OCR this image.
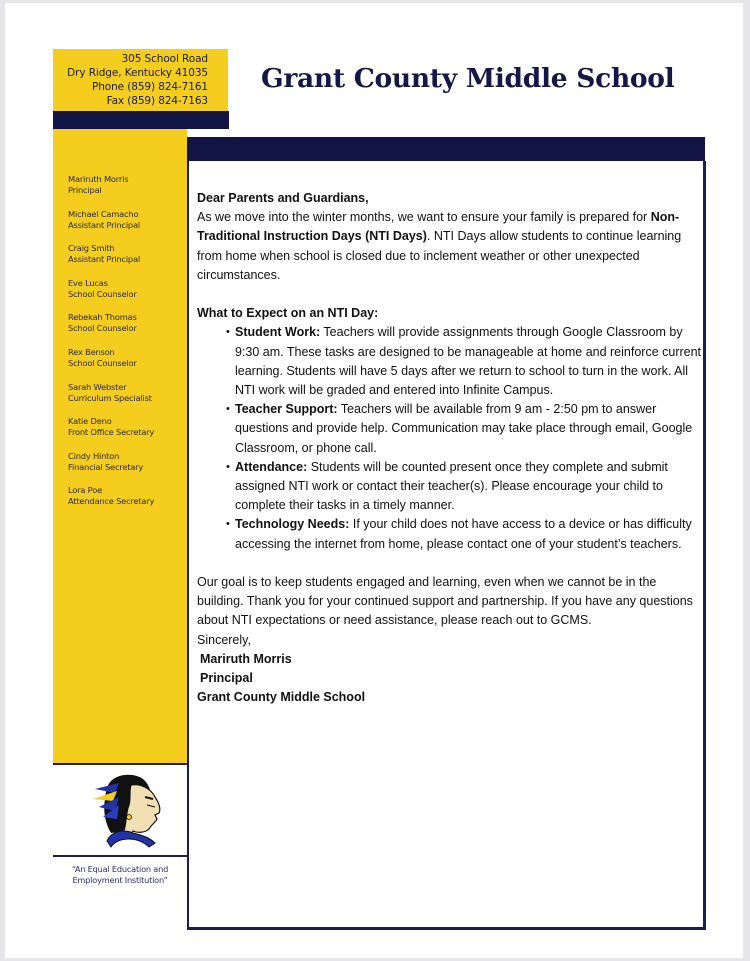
305 School Road
Dry Ridge, Kentucky 41035
Phone (859) 824-7161
Fax (859) 824-7163
Mariruth Morris
Principal
Michael Camacho
Assistant Principal
Craig Smith
Assistant Principal
Eve Lucas
School Counselor
Rebekah Thomas
School Counselor
Rex Benson
School Counselor
Sarah Webster
Curriculum Specialist
Katie Deno
Front Office Secretary
Cindy Hinton
Financial Secretary
Lora Poe
Attendance Secretary
“An Equal Education and
Employment Institution”
Grant County Middle School

Dear Parents and Guardians,

As we move into the winter months, we want to ensure your family is prepared for Non-Traditional Instruction Days (NTI Days). NTI Days allow students to continue learning from home when school is closed due to inclement weather or other unexpected circumstances.

What to Expect on an NTI Day:

• Student Work: Teachers will provide assignments through Google Classroom by 9:30 am. These tasks are designed to be manageable at home and reinforce current learning. Students will have 5 days after we return to school to turn in the work. All NTI work will be graded and entered into Infinite Campus.
• Teacher Support: Teachers will be available from 9 am - 2:50 pm to answer questions and provide help. Communication may take place through email, Google Classroom, or phone call.
• Attendance: Students will be counted present once they complete and submit assigned NTI work or contact their teacher(s). Please encourage your child to complete their tasks in a timely manner.
• Technology Needs: If your child does not have access to a device or has difficulty accessing the internet from home, please contact one of your student’s teachers.

Our goal is to keep students engaged and learning, even when we cannot be in the building. Thank you for your continued support and partnership. If you have any questions about NTI expectations or need assistance, please reach out to GCMS.

Sincerely,

Mariruth Morris

Principal

Grant County Middle School
